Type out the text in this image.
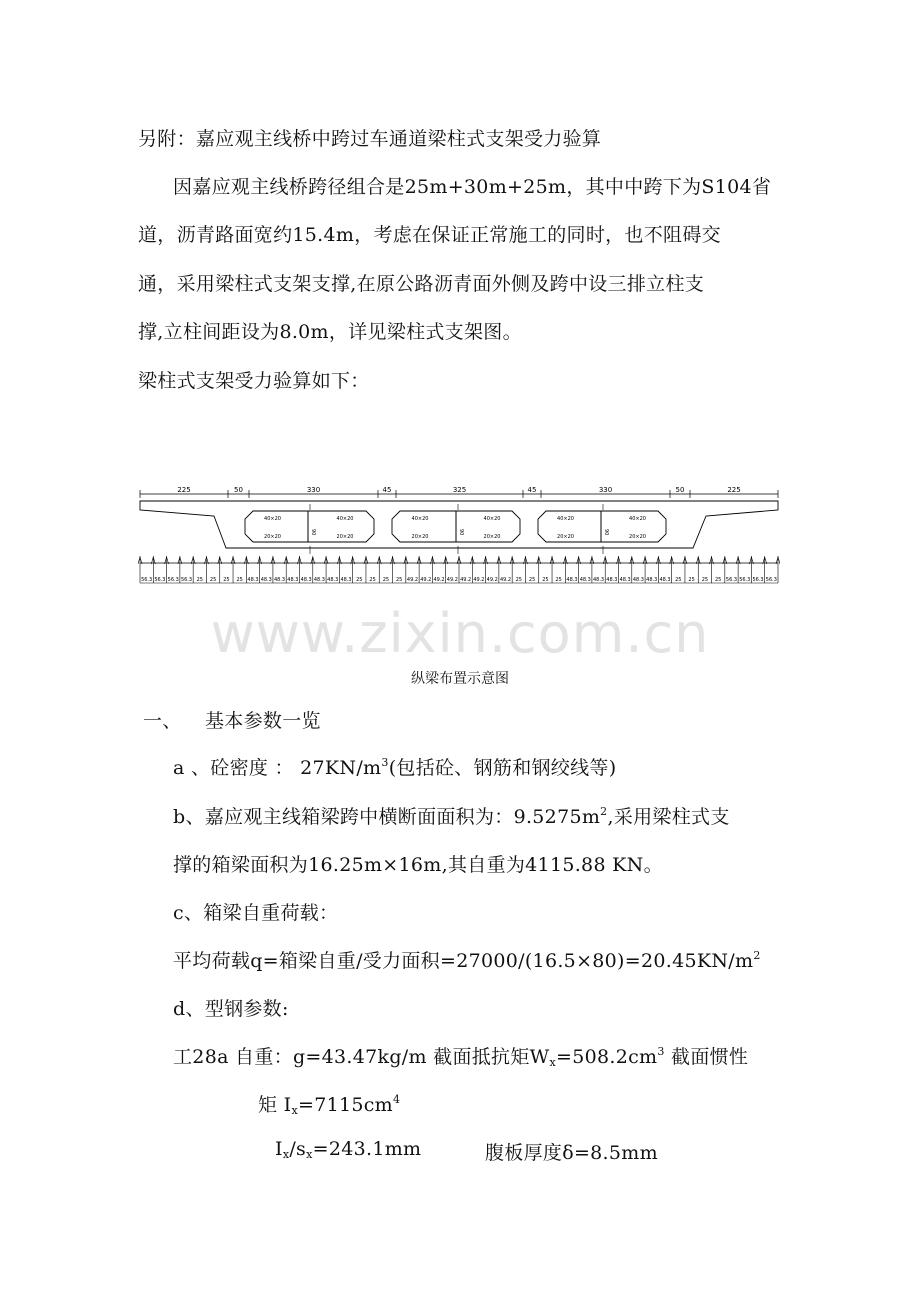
另附：嘉应观主线桥中跨过车通道梁柱式支架受力验算
因嘉应观主线桥跨径组合是25m+30m+25m，其中中跨下为S104省
道，沥青路面宽约15.4m，考虑在保证正常施工的同时，也不阻碍交
通，采用梁柱式支架支撑,在原公路沥青面外侧及跨中设三排立柱支
撑,立柱间距设为8.0m，详见梁柱式支架图。
梁柱式支架受力验算如下：
225	50	330	45	325	45	330	50	225
40×20
20×20
40×20
20×20
40×20
20×20
40×20
20×20
40×20
20×20
40×20
20×20
90	90	90
56.3 56.3 56.3 56.3 25 25 25 25 48.3 48.3 48.3 48.3 48.3 48.3 48.3 48.3 25 25 25 25 49.2 49.2 49.2 49.2 49.2 49.2 49.2 49.2 25 25 25 25 48.3 48.3 48.3 48.3 48.3 48.3 48.3 48.3 25 25 25 25 56.3 56.3 56.3 56.3
www.zixin.com.cn
纵梁布置示意图
一、 基本参数一览
a 、砼密度 ： $27KN/m^3$(包括砼、钢筋和钢绞线等)
b、嘉应观主线箱梁跨中横断面面积为：$9.5275m^2$,采用梁柱式支
撑的箱梁面积为16.25m×16m,其自重为4115.88 KN。
c、箱梁自重荷载：
平均荷载q=箱梁自重/受力面积$=27000/(16.5\times 80)=20.45KN/m^2$
d、型钢参数:
工28a 自重：g=43.47kg/m 截面抵抗矩$W_x=508.2cm^3$ 截面惯性
矩 $I_x=7115cm^4$
$I_x/s_x=243.1mm$	腹板厚度δ=8.5mm
